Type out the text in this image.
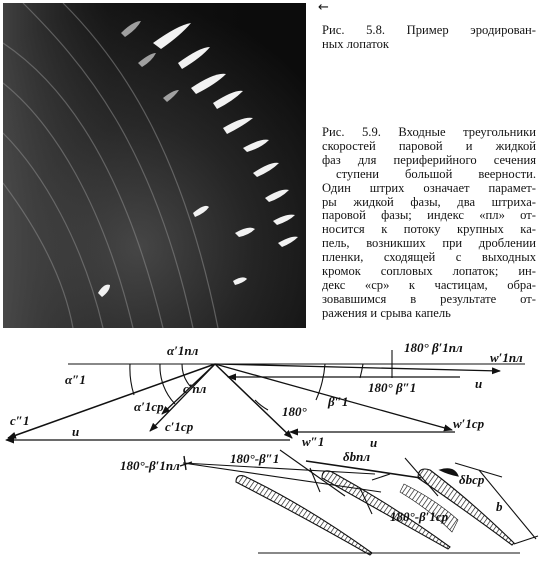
←
Рис. 5.8. Пример эродирован-
ных лопаток
Рис. 5.9. Входные треугольники
скоростей паровой и жидкой
фаз для периферийного сечения
ступени большой веерности.
Один штрих означает парамет-
ры жидкой фазы, два штриха-
паровой фазы; индекс «пл» от-
носится к потоку крупных ка-
пель, возникших при дроблении
пленки, сходящей с выходных
кромок сопловых лопаток; ин-
декс «ср» к частицам, обра-
зовавшимся в результате от-
ражения и срыва капель
α′1пл
α″1
c″1
c′пл
α′1ср
c′1ср
u
w″1	u
w′1ср
β″1
180°
180° β′1пл
w′1пл
u
180° β″1
180°-β′1пл	180°-β″1	δbпл
δbср
b
180°-β′1ср
